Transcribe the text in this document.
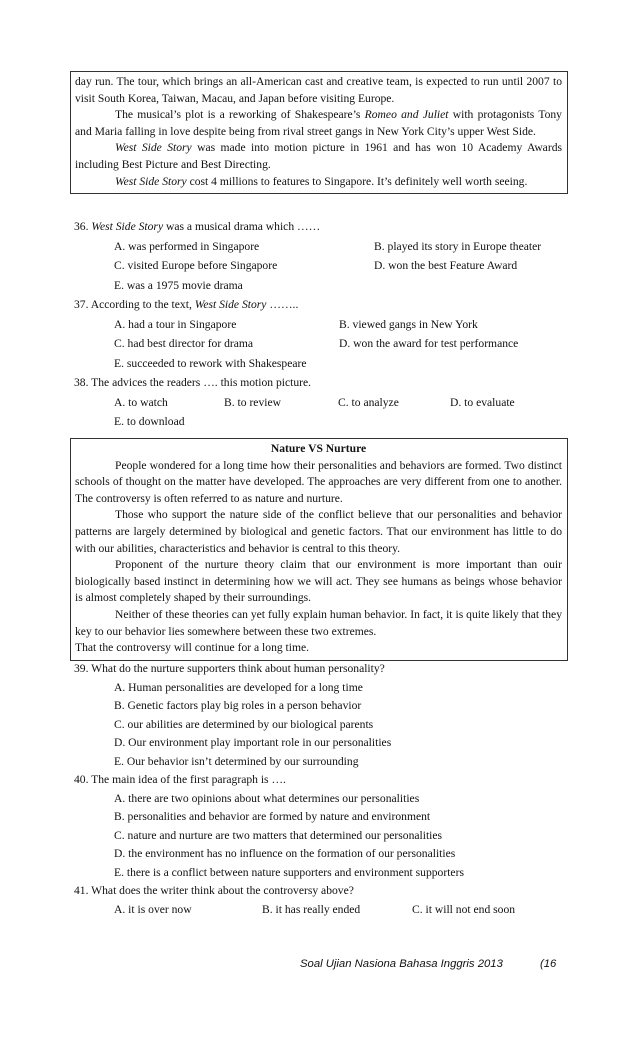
day run. The tour, which brings an all-American cast and creative team, is expected to run until 2007 to visit South Korea, Taiwan, Macau, and Japan before visiting Europe.

The musical’s plot is a reworking of Shakespeare’s Romeo and Juliet with protagonists Tony and Maria falling in love despite being from rival street gangs in New York City’s upper West Side.

West Side Story was made into motion picture in 1961 and has won 10 Academy Awards including Best Picture and Best Directing.

West Side Story cost 4 millions to features to Singapore. It’s definitely well worth seeing.

36. West Side Story was a musical drama which ……
A. was performed in Singapore	B. played its story in Europe theater
C. visited Europe before Singapore	D. won the best Feature Award
E. was a 1975 movie drama
37. According to the text, West Side Story ……..
A. had a tour in Singapore	B. viewed gangs in New York
C. had best director for drama	D. won the award for test performance
E. succeeded to rework with Shakespeare
38. The advices the readers …. this motion picture.
A. to watch	B. to review	C. to analyze	D. to evaluate
E. to download

Nature VS Nurture

People wondered for a long time how their personalities and behaviors are formed. Two distinct schools of thought on the matter have developed. The approaches are very different from one to another. The controversy is often referred to as nature and nurture.

Those who support the nature side of the conflict believe that our personalities and behavior patterns are largely determined by biological and genetic factors. That our environment has little to do with our abilities, characteristics and behavior is central to this theory.

Proponent of the nurture theory claim that our environment is more important than ouir biologically based instinct in determining how we will act. They see humans as beings whose behavior is almost completely shaped by their surroundings.

Neither of these theories can yet fully explain human behavior. In fact, it is quite likely that they key to our behavior lies somewhere between these two extremes.

That the controversy will continue for a long time.

39. What do the nurture supporters think about human personality?
A. Human personalities are developed for a long time
B. Genetic factors play big roles in a person behavior
C. our abilities are determined by our biological parents
D. Our environment play important role in our personalities
E. Our behavior isn’t determined by our surrounding
40. The main idea of the first paragraph is ….
A. there are two opinions about what determines our personalities
B. personalities and behavior are formed by nature and environment
C. nature and nurture are two matters that determined our personalities
D. the environment has no influence on the formation of our personalities
E. there is a conflict between nature supporters and environment supporters
41. What does the writer think about the controversy above?
A. it is over now	B. it has really ended	C. it will not end soon
Soal Ujian Nasiona Bahasa Inggris 2013	(16
